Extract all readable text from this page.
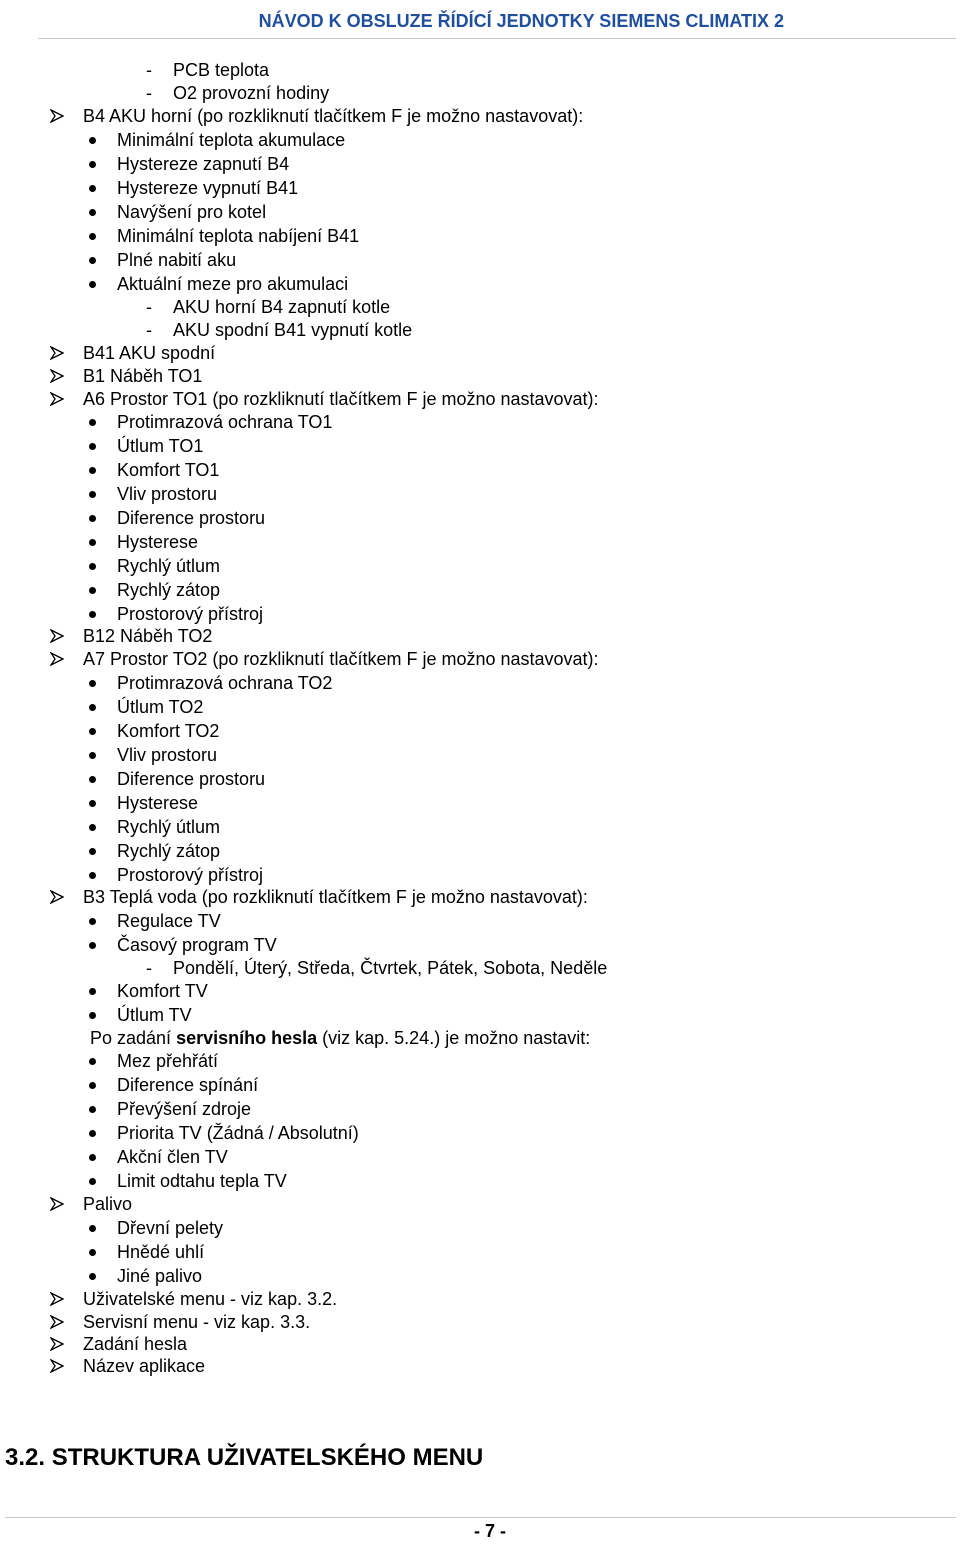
NÁVOD K OBSLUZE ŘÍDÍCÍ JEDNOTKY SIEMENS CLIMATIX 2
- PCB teplota
- O2 provozní hodiny
B4 AKU horní (po rozkliknutí tlačítkem F je možno nastavovat):
Minimální teplota akumulace
Hystereze zapnutí B4
Hystereze vypnutí B41
Navýšení pro kotel
Minimální teplota nabíjení B41
Plné nabití aku
Aktuální meze pro akumulaci
- AKU horní B4 zapnutí kotle
- AKU spodní B41 vypnutí kotle
B41 AKU spodní
B1 Náběh TO1
A6 Prostor TO1 (po rozkliknutí tlačítkem F je možno nastavovat):
Protimrazová ochrana TO1
Útlum TO1
Komfort TO1
Vliv prostoru
Diference prostoru
Hysterese
Rychlý útlum
Rychlý zátop
Prostorový přístroj
B12 Náběh TO2
A7 Prostor TO2 (po rozkliknutí tlačítkem F je možno nastavovat):
Protimrazová ochrana TO2
Útlum TO2
Komfort TO2
Vliv prostoru
Diference prostoru
Hysterese
Rychlý útlum
Rychlý zátop
Prostorový přístroj
B3 Teplá voda (po rozkliknutí tlačítkem F je možno nastavovat):
Regulace TV
Časový program TV
- Pondělí, Úterý, Středa, Čtvrtek, Pátek, Sobota, Neděle
Komfort TV
Útlum TV
Po zadání servisního hesla (viz kap. 5.24.) je možno nastavit:
Mez přehřátí
Diference spínání
Převýšení zdroje
Priorita TV (Žádná / Absolutní)
Akční člen TV
Limit odtahu tepla TV
Palivo
Dřevní pelety
Hnědé uhlí
Jiné palivo
Uživatelské menu - viz kap. 3.2.
Servisní menu - viz kap. 3.3.
Zadání hesla
Název aplikace
3.2. STRUKTURA UŽIVATELSKÉHO MENU
- 7 -
